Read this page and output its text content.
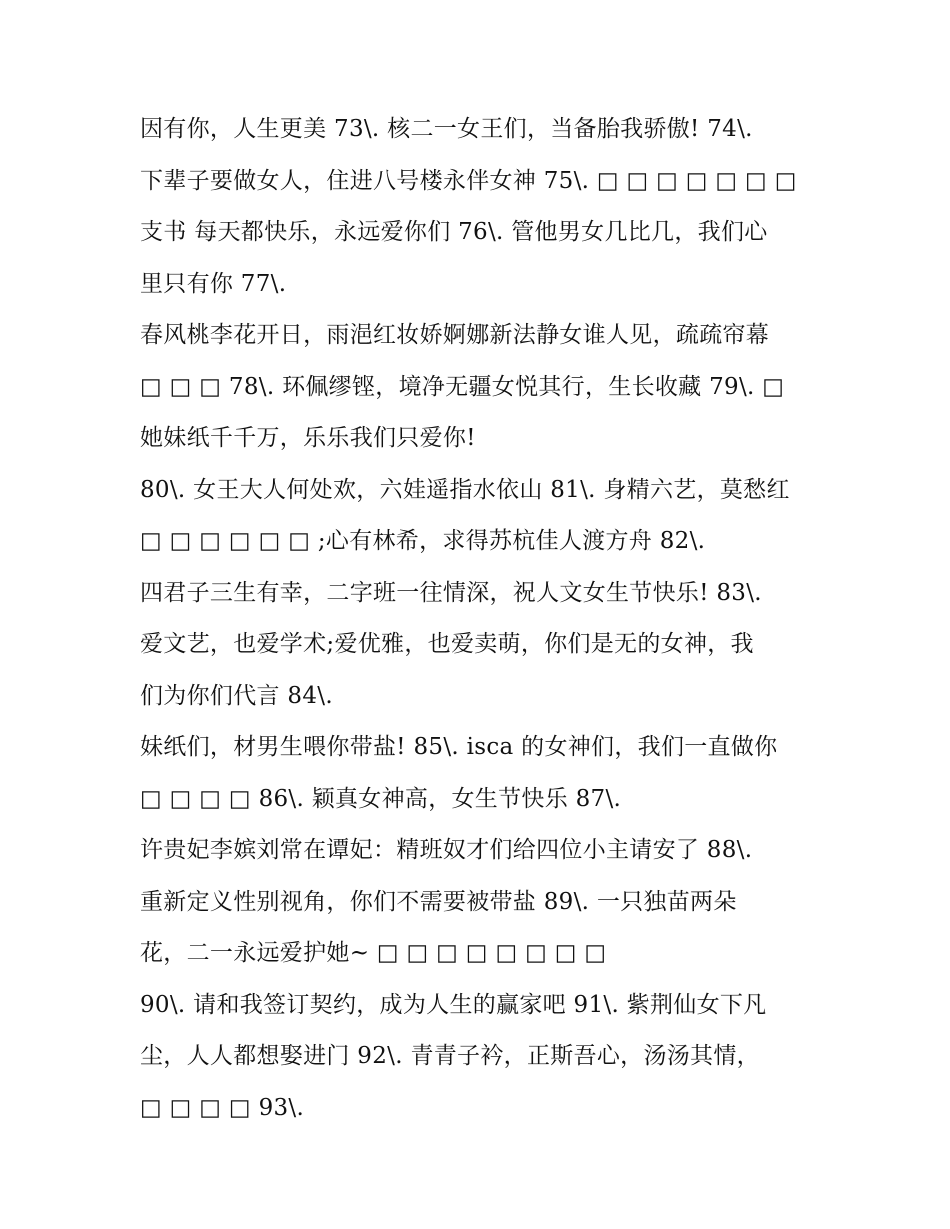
因有你，人生更美 73\. 核二一女王们，当备胎我骄傲! 74\.
下辈子要做女人，住进八号楼永伴女神 75\. □ □ □ □ □ □ □
支书 每天都快乐，永远爱你们 76\. 管他男女几比几，我们心
里只有你 77\.
春风桃李花开日，雨浥红妆娇婀娜新法静女谁人见，疏疏帘幕
□ □ □ 78\. 环佩缪铿，境净无疆女悦其行，生长收藏 79\. □
她妹纸千千万，乐乐我们只爱你!
80\. 女王大人何处欢，六娃遥指水依山 81\. 身精六艺，莫愁红
□ □ □ □ □ □ ;心有林希，求得苏杭佳人渡方舟 82\.
四君子三生有幸，二字班一往情深，祝人文女生节快乐! 83\.
爱文艺，也爱学术;爱优雅，也爱卖萌，你们是无的女神，我
们为你们代言 84\.
妹纸们，材男生喂你带盐! 85\. isca 的女神们，我们一直做你
□ □ □ □ 86\. 颖真女神高，女生节快乐 87\.
许贵妃李嫔刘常在谭妃：精班奴才们给四位小主请安了 88\.
重新定义性别视角，你们不需要被带盐 89\. 一只独苗两朵
花，二一永远爱护她~ □ □ □ □ □ □ □ □
90\. 请和我签订契约，成为人生的赢家吧 91\. 紫荆仙女下凡
尘，人人都想娶进门 92\. 青青子衿，正斯吾心，汤汤其情，
□ □ □ □ 93\.
